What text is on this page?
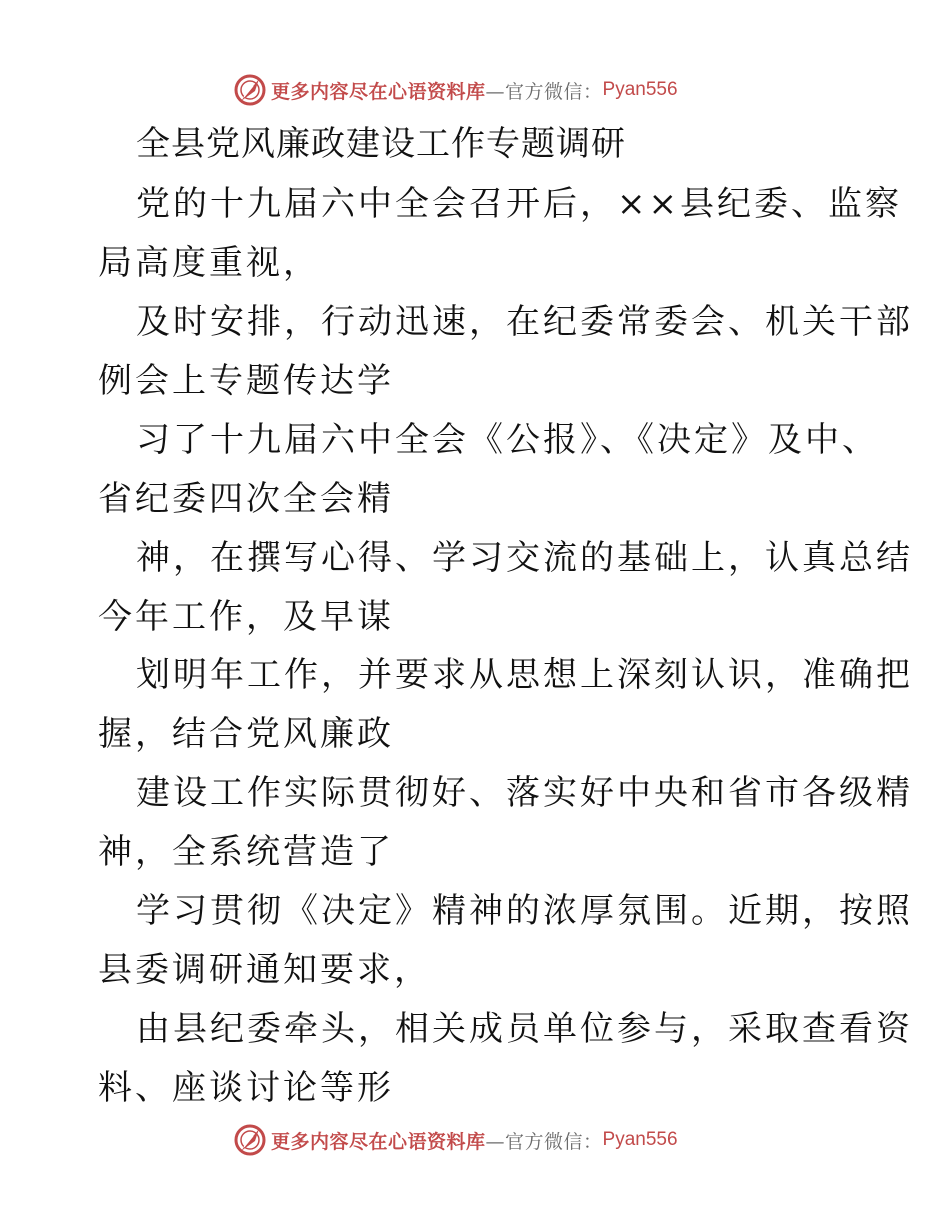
更多内容尽在心语资料库 —官方微信： Pyan556
全县党风廉政建设工作专题调研
党的十九届六中全会召开后，××县纪委、监察
局高度重视，
及时安排，行动迅速，在纪委常委会、机关干部
例会上专题传达学
习了十九届六中全会《公报》、《决定》及中、
省纪委四次全会精
神，在撰写心得、学习交流的基础上，认真总结
今年工作，及早谋
划明年工作，并要求从思想上深刻认识，准确把
握，结合党风廉政
建设工作实际贯彻好、落实好中央和省市各级精
神，全系统营造了
学习贯彻《决定》精神的浓厚氛围。近期，按照
县委调研通知要求，
由县纪委牵头，相关成员单位参与，采取查看资
料、座谈讨论等形
更多内容尽在心语资料库 —官方微信： Pyan556
